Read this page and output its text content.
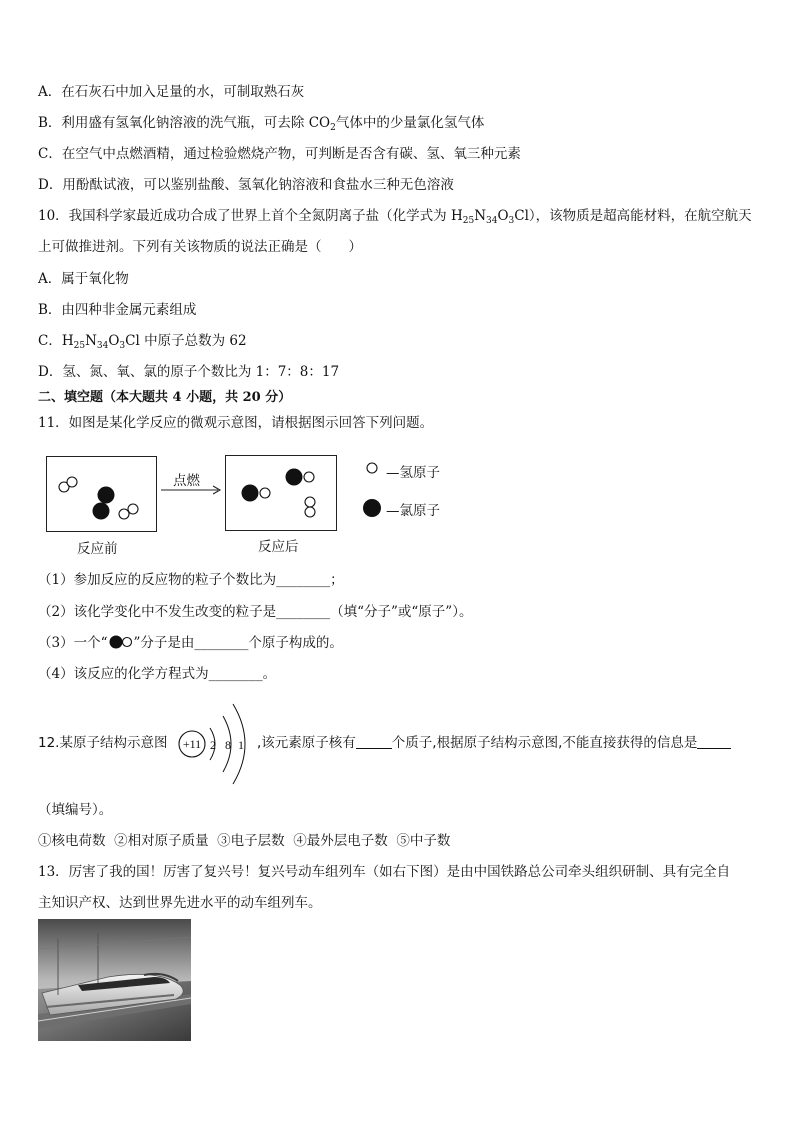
A．在石灰石中加入足量的水，可制取熟石灰
B．利用盛有氢氧化钠溶液的洗气瓶，可去除 $CO_2$气体中的少量氯化氢气体
C．在空气中点燃酒精，通过检验燃烧产物，可判断是否含有碳、氢、氧三种元素
D．用酚酞试液，可以鉴别盐酸、氢氧化钠溶液和食盐水三种无色溶液
10．我国科学家最近成功合成了世界上首个全氮阴离子盐（化学式为 $H_{25}N_{34}O_3Cl$），该物质是超高能材料，在航空航天
上可做推进剂。下列有关该物质的说法正确是（　　）
A．属于氧化物
B．由四种非金属元素组成
C．$H_{25}N_{34}O_3Cl$ 中原子总数为 62
D．氢、氮、氧、氯的原子个数比为 1：7：8：17
二、填空题（本大题共 4 小题，共 20 分）
11．如图是某化学反应的微观示意图，请根据图示回答下列问题。
反应前
点燃
反应后
—氢原子
—氯原子
（1）参加反应的反应物的粒子个数比为________；
（2）该化学变化中不发生改变的粒子是________（填“分子”或“原子”）。
（3）一个“ ”分子是由________个原子构成的。
（4）该反应的化学方程式为________。
12.某原子结构示意图 +11 2 8 1 ,该元素原子核有	个质子,根据原子结构示意图,不能直接获得的信息是
（填编号）。
①核电荷数  ②相对原子质量  ③电子层数  ④最外层电子数  ⑤中子数
13．厉害了我的国！厉害了复兴号！复兴号动车组列车（如右下图）是由中国铁路总公司牵头组织研制、具有完全自
主知识产权、达到世界先进水平的动车组列车。
